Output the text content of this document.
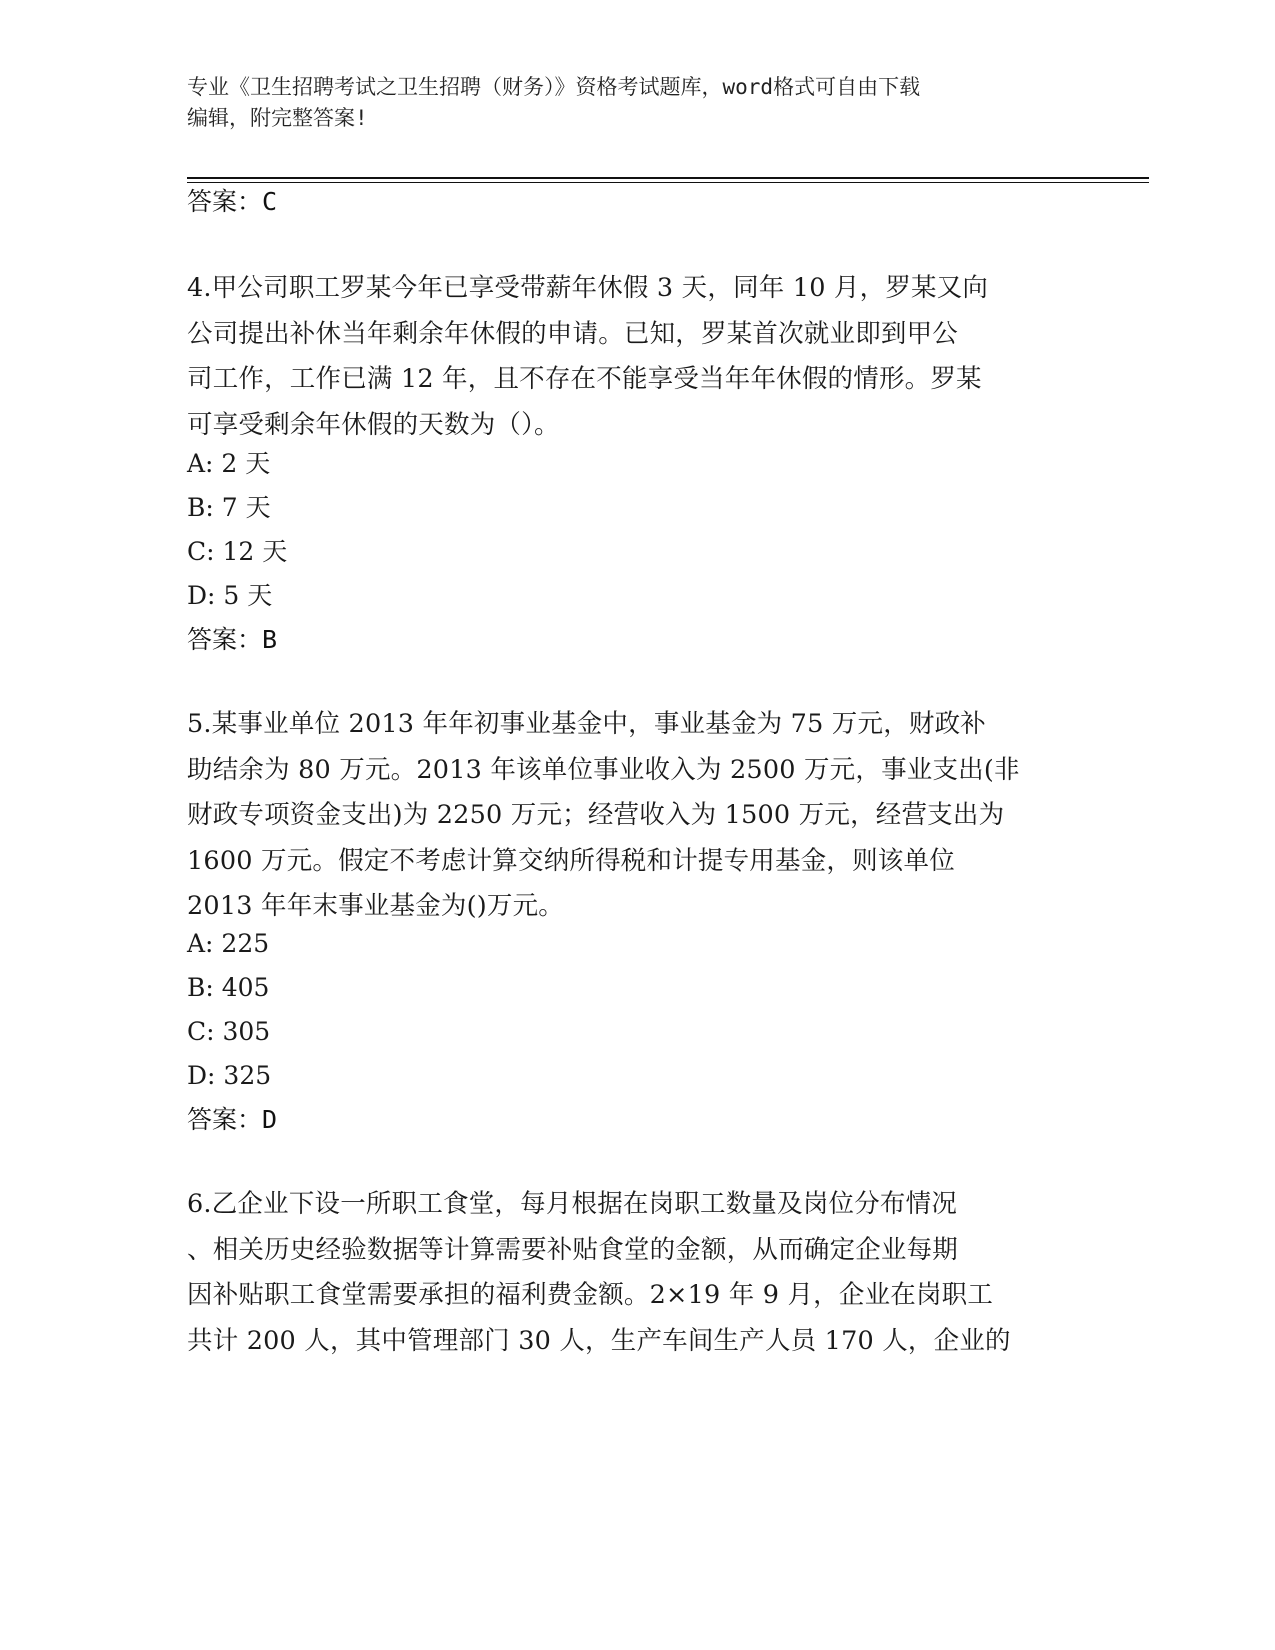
专业《卫生招聘考试之卫生招聘（财务）》资格考试题库，word格式可自由下载
编辑，附完整答案!
答案：C
4.甲公司职工罗某今年已享受带薪年休假 3 天，同年 10 月，罗某又向
公司提出补休当年剩余年休假的申请。已知，罗某首次就业即到甲公
司工作，工作已满 12 年，且不存在不能享受当年年休假的情形。罗某
可享受剩余年休假的天数为（）。
A: 2 天
B: 7 天
C: 12 天
D: 5 天
答案：B
5.某事业单位 2013 年年初事业基金中，事业基金为 75 万元，财政补
助结余为 80 万元。2013 年该单位事业收入为 2500 万元，事业支出(非
财政专项资金支出)为 2250 万元；经营收入为 1500 万元，经营支出为
1600 万元。假定不考虑计算交纳所得税和计提专用基金，则该单位
2013 年年末事业基金为()万元。
A: 225
B: 405
C: 305
D: 325
答案：D
6.乙企业下设一所职工食堂，每月根据在岗职工数量及岗位分布情况
、相关历史经验数据等计算需要补贴食堂的金额，从而确定企业每期
因补贴职工食堂需要承担的福利费金额。2×19 年 9 月，企业在岗职工
共计 200 人，其中管理部门 30 人，生产车间生产人员 170 人，企业的
